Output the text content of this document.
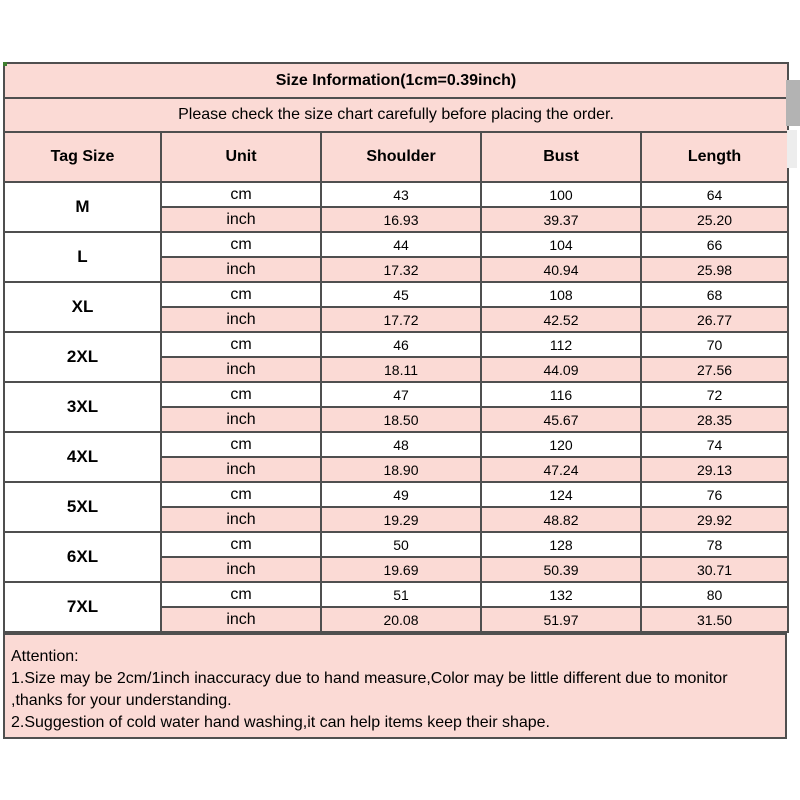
Size Information(1cm=0.39inch)				
Please check the size chart carefully before placing the order.				
Tag Size	Unit	Shoulder	Bust	Length
M	cm	43	100	64
	inch	16.93	39.37	25.20
L	cm	44	104	66
	inch	17.32	40.94	25.98
XL	cm	45	108	68
	inch	17.72	42.52	26.77
2XL	cm	46	112	70
	inch	18.11	44.09	27.56
3XL	cm	47	116	72
	inch	18.50	45.67	28.35
4XL	cm	48	120	74
	inch	18.90	47.24	29.13
5XL	cm	49	124	76
	inch	19.29	48.82	29.92
6XL	cm	50	128	78
	inch	19.69	50.39	30.71
7XL	cm	51	132	80
	inch	20.08	51.97	31.50
Attention:
1.Size may be 2cm/1inch inaccuracy due to hand measure,Color may be little different due to monitor
,thanks for your understanding.
2.Suggestion of cold water hand washing,it can help items keep their shape.
